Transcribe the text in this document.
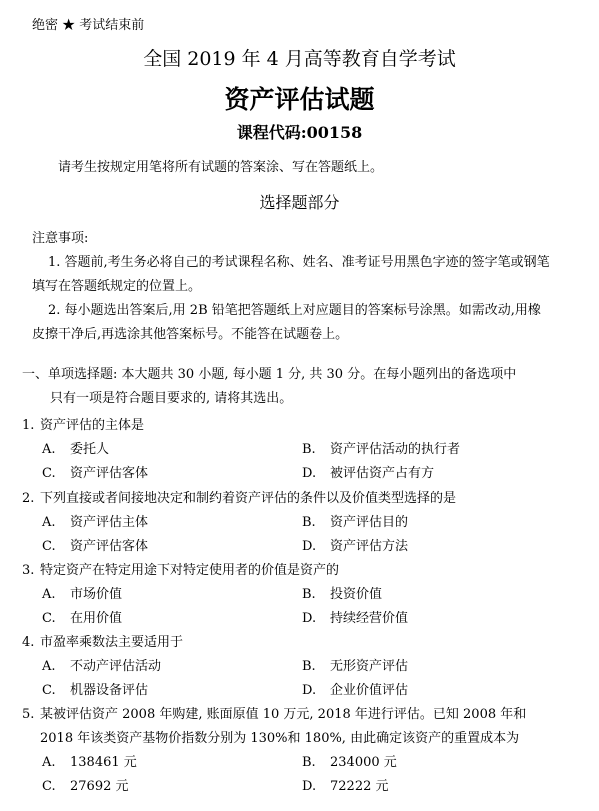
绝密 ★ 考试结束前
全国 2019 年 4 月高等教育自学考试
资产评估试题
课程代码:00158
请考生按规定用笔将所有试题的答案涂、写在答题纸上。
选择题部分
注意事项:
1. 答题前,考生务必将自己的考试课程名称、姓名、准考证号用黑色字迹的签字笔或钢笔
填写在答题纸规定的位置上。
2. 每小题选出答案后,用 2B 铅笔把答题纸上对应题目的答案标号涂黑。如需改动,用橡
皮擦干净后,再选涂其他答案标号。不能答在试题卷上。
一、单项选择题: 本大题共 30 小题, 每小题 1 分, 共 30 分。在每小题列出的备选项中
只有一项是符合题目要求的, 请将其选出。
1. 资产评估的主体是
A. 委托人	B. 资产评估活动的执行者
C. 资产评估客体	D. 被评估资产占有方
2. 下列直接或者间接地决定和制约着资产评估的条件以及价值类型选择的是
A. 资产评估主体	B. 资产评估目的
C. 资产评估客体	D. 资产评估方法
3. 特定资产在特定用途下对特定使用者的价值是资产的
A. 市场价值	B. 投资价值
C. 在用价值	D. 持续经营价值
4. 市盈率乘数法主要适用于
A. 不动产评估活动	B. 无形资产评估
C. 机器设备评估	D. 企业价值评估
5. 某被评估资产 2008 年购建, 账面原值 10 万元, 2018 年进行评估。已知 2008 年和
2018 年该类资产基物价指数分别为 130%和 180%, 由此确定该资产的重置成本为
A. 138461 元	B. 234000 元
C. 27692 元	D. 72222 元
